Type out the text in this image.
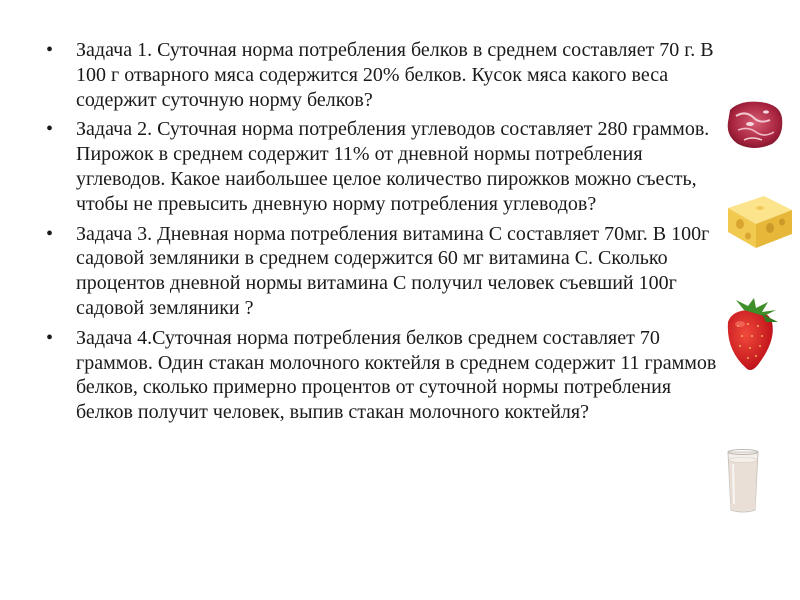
• Задача 1. Суточная норма потребления белков в среднем составляет 70 г. В 100 г отварного мяса содержится 20% белков. Кусок мяса какого веса содержит суточную норму белков?
• Задача 2. Суточная норма потребления углеводов составляет 280 граммов. Пирожок в среднем содержит 11% от дневной нормы потребления углеводов. Какое наибольшее целое количество пирожков можно съесть, чтобы не превысить дневную норму потребления углеводов?
• Задача 3. Дневная норма потребления витамина С составляет 70мг. В 100г садовой земляники в среднем содержится 60 мг витамина С. Сколько процентов дневной нормы витамина С получил человек съевший 100г садовой земляники ?
• Задача 4.Суточная норма потребления белков среднем составляет 70 граммов. Один стакан молочного коктейля в среднем содержит 11 граммов белков, сколько примерно процентов от суточной нормы потребления белков получит человек, выпив стакан молочного коктейля?
